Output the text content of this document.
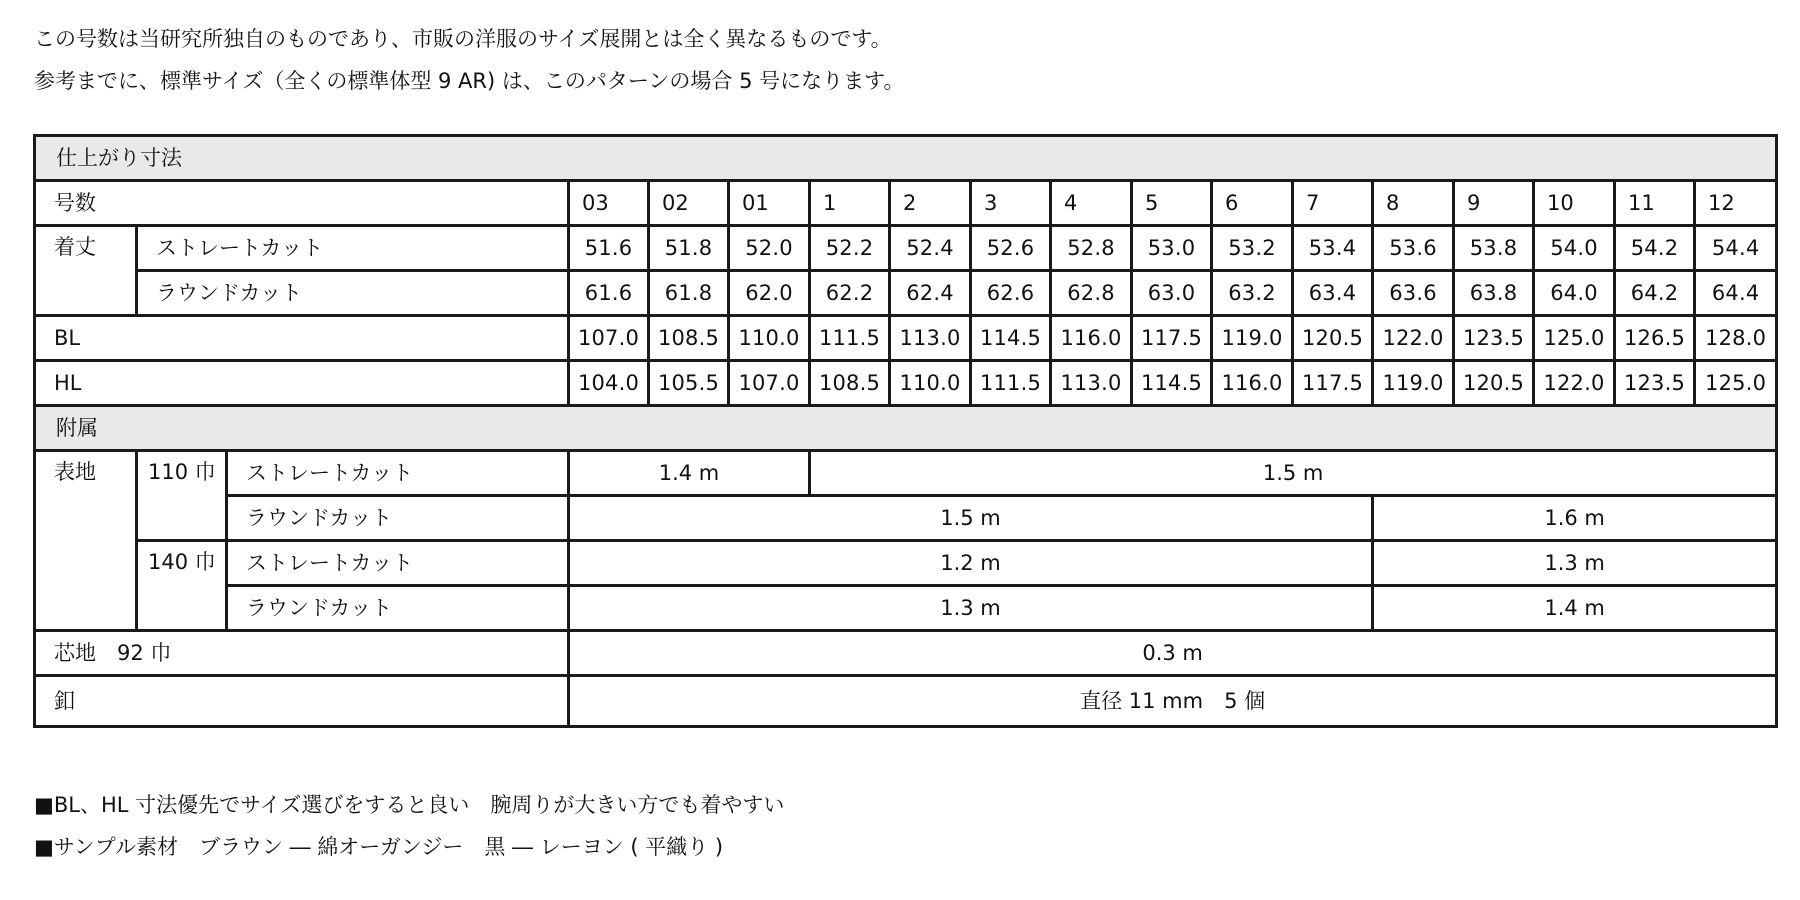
この号数は当研究所独自のものであり、市販の洋服のサイズ展開とは全く異なるものです。
参考までに、標準サイズ（全くの標準体型 9 AR) は、このパターンの場合 5 号になります。
仕上がり寸法																	
号数			03	02	01	1	2	3	4	5	6	7	8	9	10	11	12
着丈	ストレートカット		51.6	51.8	52.0	52.2	52.4	52.6	52.8	53.0	53.2	53.4	53.6	53.8	54.0	54.2	54.4
	ラウンドカット		61.6	61.8	62.0	62.2	62.4	62.6	62.8	63.0	63.2	63.4	63.6	63.8	64.0	64.2	64.4
BL			107.0	108.5	110.0	111.5	113.0	114.5	116.0	117.5	119.0	120.5	122.0	123.5	125.0	126.5	128.0
HL			104.0	105.5	107.0	108.5	110.0	111.5	113.0	114.5	116.0	117.5	119.0	120.5	122.0	123.5	125.0
附属																	
表地	110 巾	ストレートカット	1.4 m			1.5 m											
		ラウンドカット	1.5 m										1.6 m				
	140 巾	ストレートカット	1.2 m										1.3 m				
		ラウンドカット	1.3 m										1.4 m				
芯地　92 巾			0.3 m														
釦			直径 11 mm　5 個														
■BL、HL 寸法優先でサイズ選びをすると良い　腕周りが大きい方でも着やすい
■サンプル素材　ブラウン ― 綿オーガンジー　黒 ― レーヨン ( 平織り )
